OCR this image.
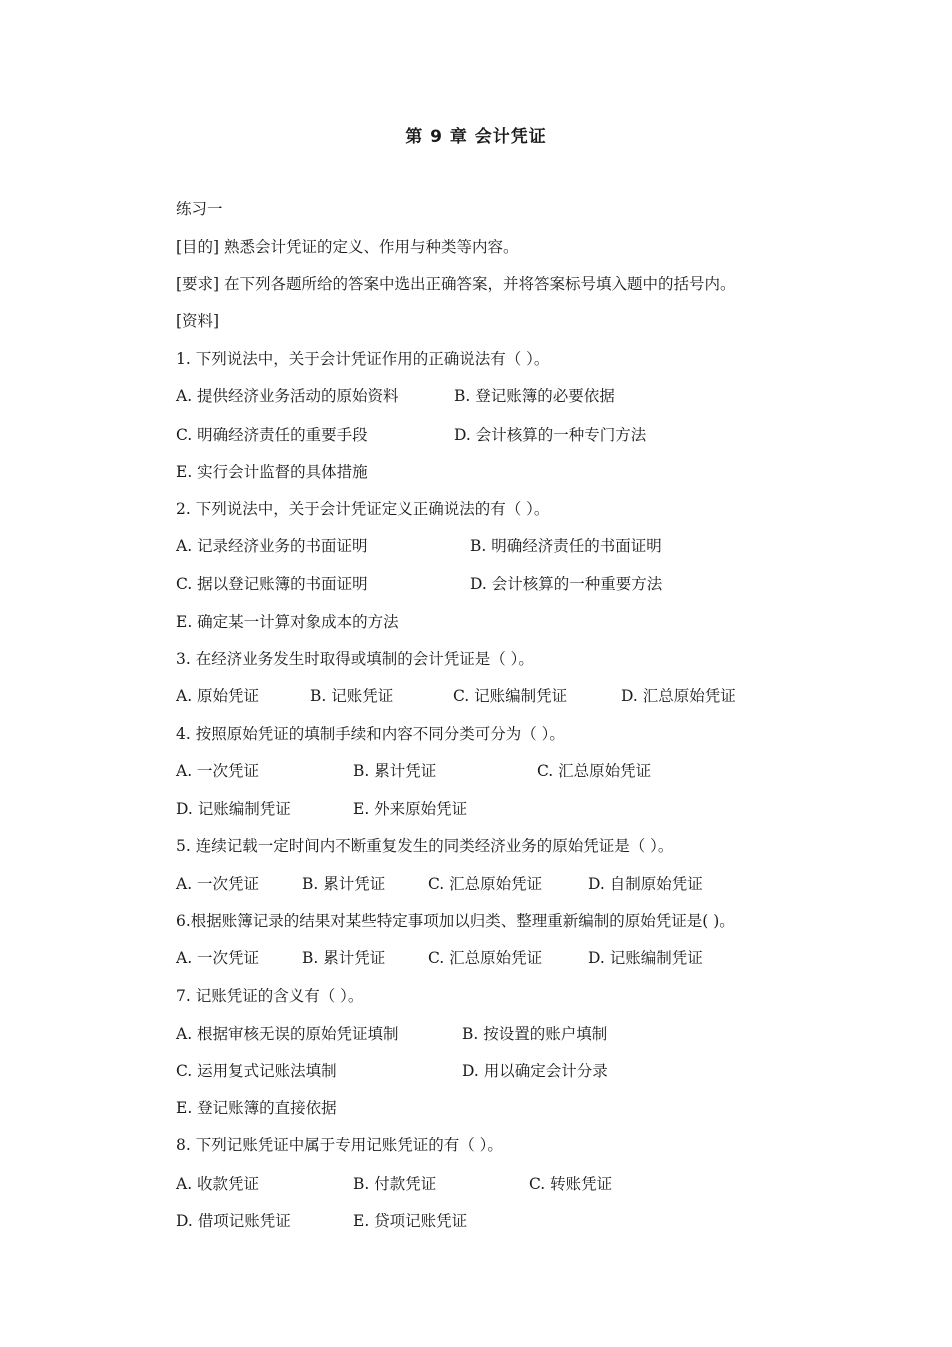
第 9 章 会计凭证
练习一
[目的] 熟悉会计凭证的定义、作用与种类等内容。
[要求] 在下列各题所给的答案中选出正确答案，并将答案标号填入题中的括号内。
[资料]
1. 下列说法中，关于会计凭证作用的正确说法有（ ）。
A. 提供经济业务活动的原始资料	B. 登记账簿的必要依据
C. 明确经济责任的重要手段	D. 会计核算的一种专门方法
E. 实行会计监督的具体措施
2. 下列说法中，关于会计凭证定义正确说法的有（ ）。
A. 记录经济业务的书面证明	B. 明确经济责任的书面证明
C. 据以登记账簿的书面证明	D. 会计核算的一种重要方法
E. 确定某一计算对象成本的方法
3. 在经济业务发生时取得或填制的会计凭证是（ ）。
A. 原始凭证	B. 记账凭证	C. 记账编制凭证	D. 汇总原始凭证
4. 按照原始凭证的填制手续和内容不同分类可分为（ ）。
A. 一次凭证	B. 累计凭证	C. 汇总原始凭证
D. 记账编制凭证	E. 外来原始凭证
5. 连续记载一定时间内不断重复发生的同类经济业务的原始凭证是（ ）。
A. 一次凭证	B. 累计凭证	C. 汇总原始凭证	D. 自制原始凭证
6.根据账簿记录的结果对某些特定事项加以归类、整理重新编制的原始凭证是( )。
A. 一次凭证	B. 累计凭证	C. 汇总原始凭证	D. 记账编制凭证
7. 记账凭证的含义有（ ）。
A. 根据审核无误的原始凭证填制	B. 按设置的账户填制
C. 运用复式记账法填制	D. 用以确定会计分录
E. 登记账簿的直接依据
8. 下列记账凭证中属于专用记账凭证的有（ ）。
A. 收款凭证	B. 付款凭证	C. 转账凭证
D. 借项记账凭证	E. 贷项记账凭证
